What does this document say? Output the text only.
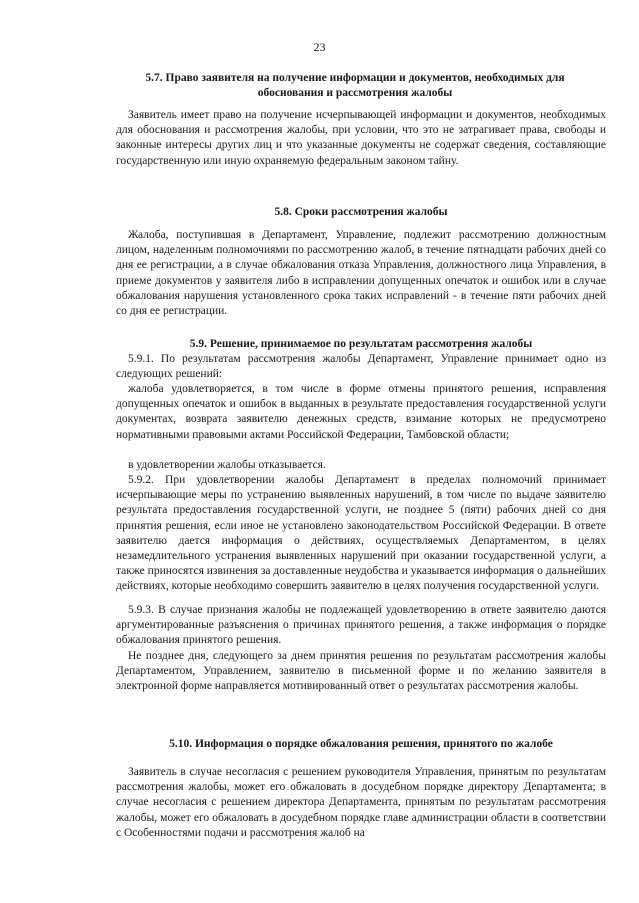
23
5.7. Право заявителя на получение информации и документов, необходимых для
обоснования и рассмотрения жалобы
Заявитель имеет право на получение исчерпывающей информации и документов, необходимых для обоснования и рассмотрения жалобы, при условии, что это не затрагивает права, свободы и законные интересы других лиц и что указанные документы не содержат сведения, составляющие государственную или иную охраняемую федеральным законом тайну.
5.8. Сроки рассмотрения жалобы
Жалоба, поступившая в Департамент, Управление, подлежит рассмотрению должностным лицом, наделенным полномочиями по рассмотрению жалоб, в течение пятнадцати рабочих дней со дня ее регистрации, а в случае обжалования отказа Управления, должностного лица Управления, в приеме документов у заявителя либо в исправлении допущенных опечаток и ошибок или в случае обжалования нарушения установленного срока таких исправлений - в течение пяти рабочих дней со дня ее регистрации.
5.9. Решение, принимаемое по результатам рассмотрения жалобы
5.9.1. По результатам рассмотрения жалобы Департамент, Управление принимает одно из следующих решений:
жалоба удовлетворяется, в том числе в форме отмены принятого решения, исправления допущенных опечаток и ошибок в выданных в результате предоставления государственной услуги документах, возврата заявителю денежных средств, взимание которых не предусмотрено нормативными правовыми актами Российской Федерации, Тамбовской области;
в удовлетворении жалобы отказывается.
5.9.2. При удовлетворении жалобы Департамент в пределах полномочий принимает исчерпывающие меры по устранению выявленных нарушений, в том числе по выдаче заявителю результата предоставления государственной услуги, не позднее 5 (пяти) рабочих дней со дня принятия решения, если иное не установлено законодательством Российской Федерации. В ответе заявителю дается информация о действиях, осуществляемых Департаментом, в целях незамедлительного устранения выявленных нарушений при оказании государственной услуги, а также приносятся извинения за доставленные неудобства и указывается информация о дальнейших действиях, которые необходимо совершить заявителю в целях получения государственной услуги.
5.9.3. В случае признания жалобы не подлежащей удовлетворению в ответе заявителю даются аргументированные разъяснения о причинах принятого решения, а также информация о порядке обжалования принятого решения.
Не позднее дня, следующего за днем принятия решения по результатам рассмотрения жалобы Департаментом, Управлением, заявителю в письменной форме и по желанию заявителя в электронной форме направляется мотивированный ответ о результатах рассмотрения жалобы.
5.10. Информация о порядке обжалования решения, принятого по жалобе
Заявитель в случае несогласия с решением руководителя Управления, принятым по результатам рассмотрения жалобы, может его обжаловать в досудебном порядке директору Департамента; в случае несогласия с решением директора Департамента, принятым по результатам рассмотрения жалобы, может его обжаловать в досудебном порядке главе администрации области в соответствии с Особенностями подачи и рассмотрения жалоб на
